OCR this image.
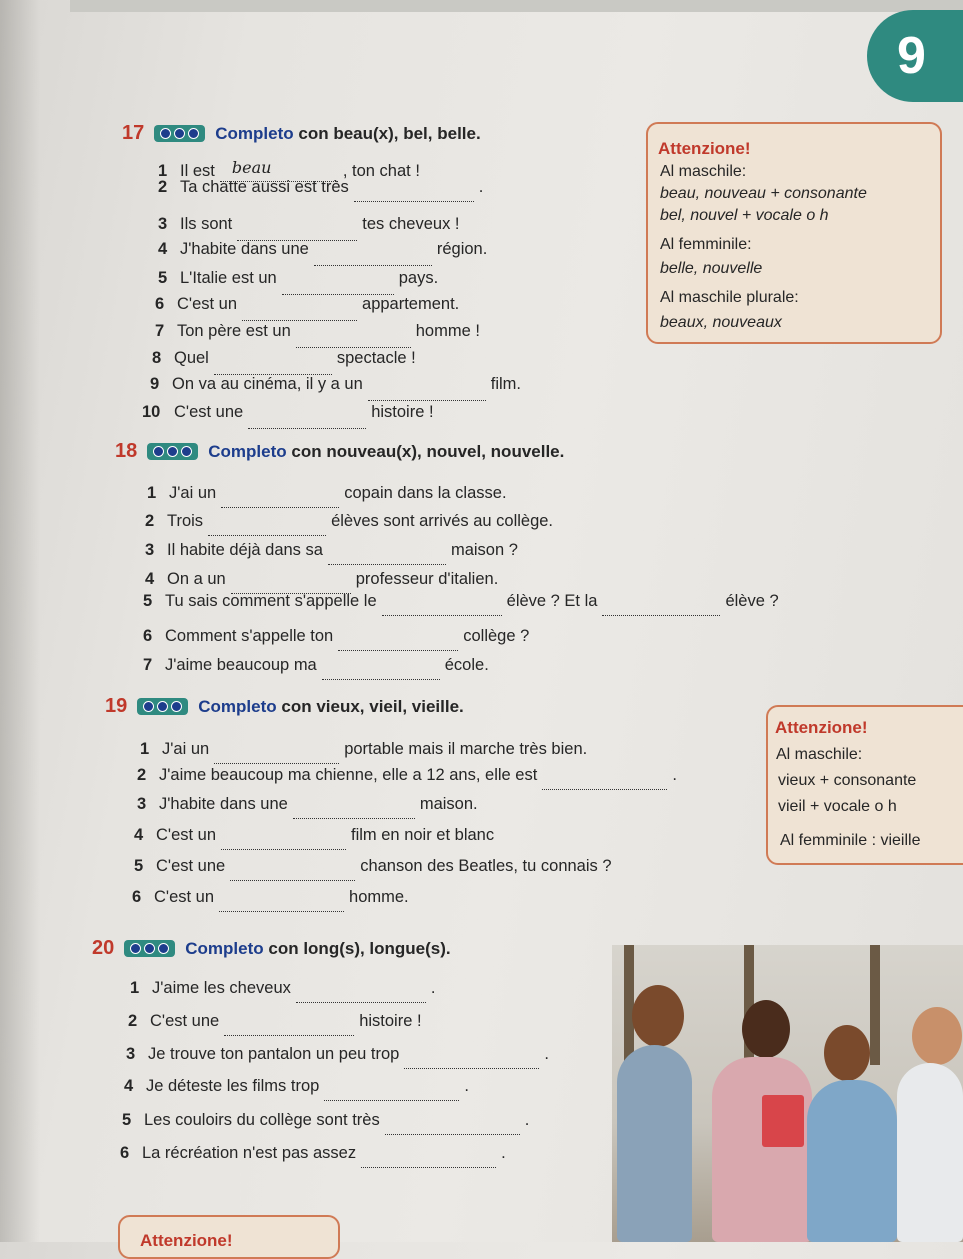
9
17	Completo con beau(x), bel, belle.
1 Il est beau	, ton chat !
2 Ta chatte aussi est très	.
3 Ils sont	tes cheveux !
4 J'habite dans une	région.
5 L'Italie est un	pays.
6 C'est un	appartement.
7 Ton père est un	homme !
8 Quel	spectacle !
9 On va au cinéma, il y a un	film.
10 C'est une	histoire !
Attenzione!
Al maschile:
beau, nouveau + consonante
bel, nouvel + vocale o h
Al femminile:
belle, nouvelle
Al maschile plurale:
beaux, nouveaux
18	Completo con nouveau(x), nouvel, nouvelle.
1 J'ai un	copain dans la classe.
2 Trois	élèves sont arrivés au collège.
3 Il habite déjà dans sa	maison ?
4 On a un	professeur d'italien.
5 Tu sais comment s'appelle le	élève ? Et la	élève ?
6 Comment s'appelle ton	collège ?
7 J'aime beaucoup ma	école.
19	Completo con vieux, vieil, vieille.
1 J'ai un	portable mais il marche très bien.
2 J'aime beaucoup ma chienne, elle a 12 ans, elle est	.
3 J'habite dans une	maison.
4 C'est un	film en noir et blanc
5 C'est une	chanson des Beatles, tu connais ?
6 C'est un	homme.
Attenzione!
Al maschile:
vieux + consonante
vieil + vocale o h
Al femminile : vieille
20	Completo con long(s), longue(s).
1 J'aime les cheveux	.
2 C'est une	histoire !
3 Je trouve ton pantalon un peu trop	.
4 Je déteste les films trop	.
5 Les couloirs du collège sont très	.
6 La récréation n'est pas assez	.
Attenzione!
